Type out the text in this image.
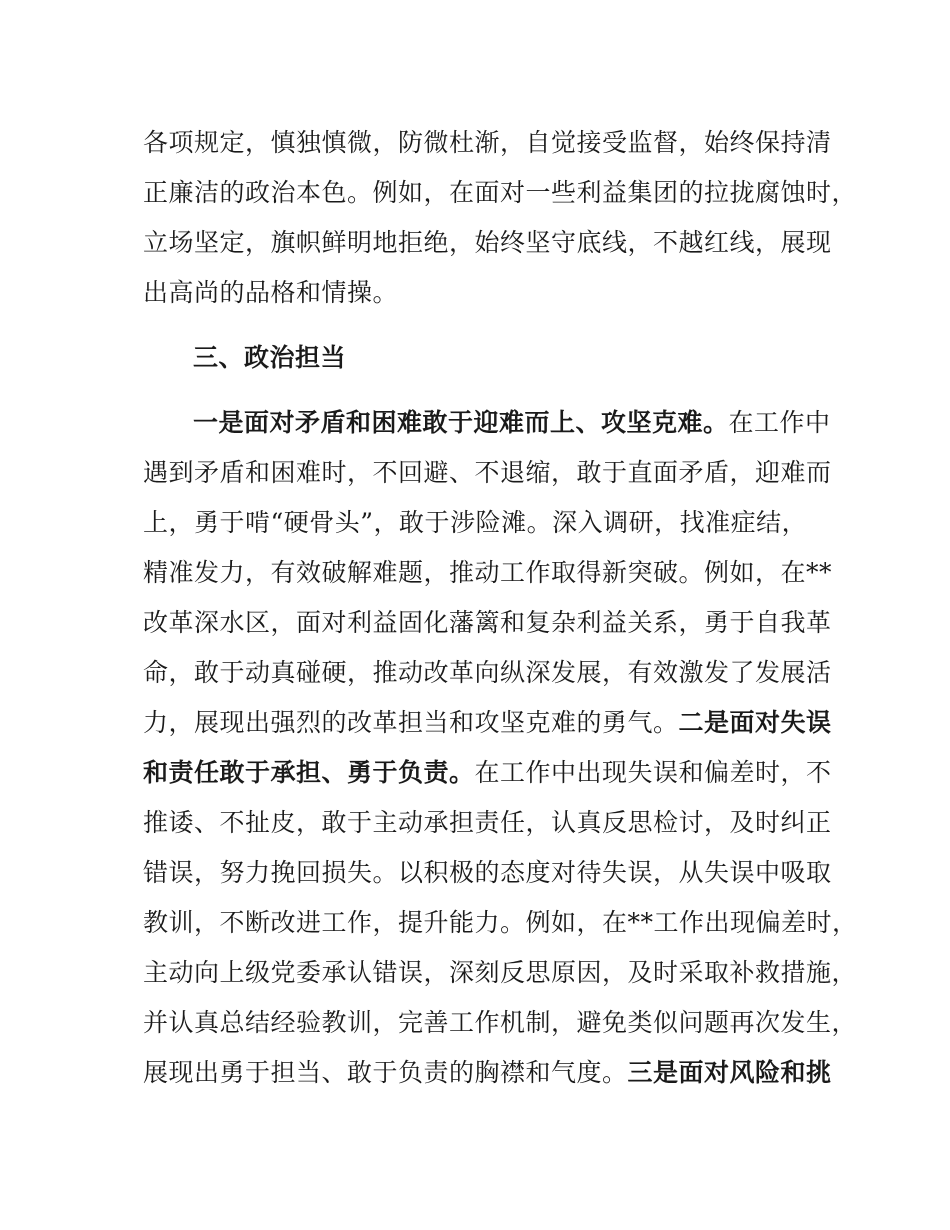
各项规定，慎独慎微，防微杜渐，自觉接受监督，始终保持清
正廉洁的政治本色。例如，在面对一些利益集团的拉拢腐蚀时，
立场坚定，旗帜鲜明地拒绝，始终坚守底线，不越红线，展现
出高尚的品格和情操。
三、政治担当
一是面对矛盾和困难敢于迎难而上、攻坚克难。在工作中
遇到矛盾和困难时，不回避、不退缩，敢于直面矛盾，迎难而
上，勇于啃“硬骨头”，敢于涉险滩。深入调研，找准症结，
精准发力，有效破解难题，推动工作取得新突破。例如，在**
改革深水区，面对利益固化藩篱和复杂利益关系，勇于自我革
命，敢于动真碰硬，推动改革向纵深发展，有效激发了发展活
力，展现出强烈的改革担当和攻坚克难的勇气。二是面对失误
和责任敢于承担、勇于负责。在工作中出现失误和偏差时，不
推诿、不扯皮，敢于主动承担责任，认真反思检讨，及时纠正
错误，努力挽回损失。以积极的态度对待失误，从失误中吸取
教训，不断改进工作，提升能力。例如，在**工作出现偏差时，
主动向上级党委承认错误，深刻反思原因，及时采取补救措施，
并认真总结经验教训，完善工作机制，避免类似问题再次发生，
展现出勇于担当、敢于负责的胸襟和气度。三是面对风险和挑
